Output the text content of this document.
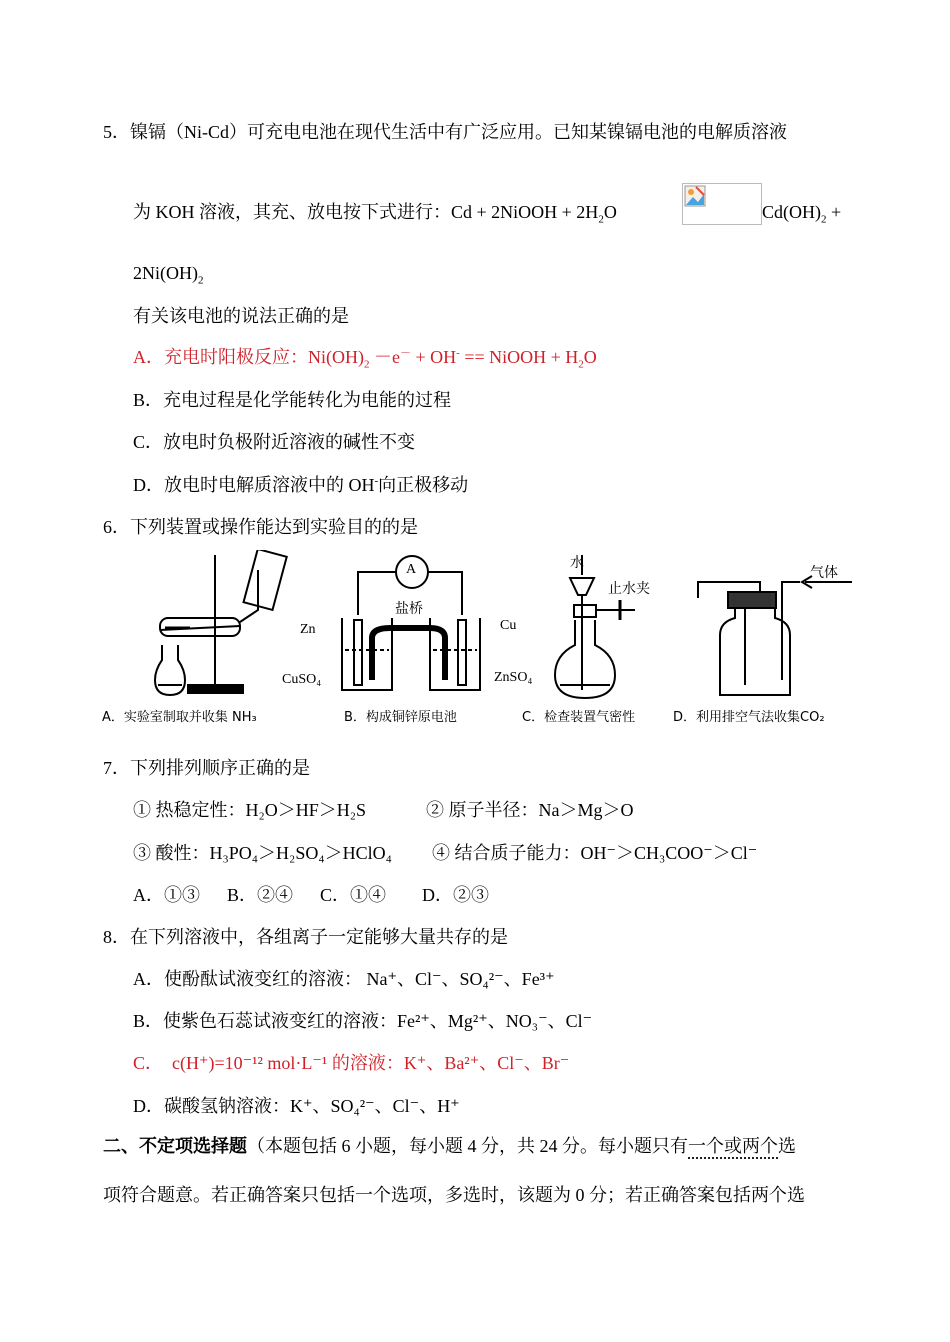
5．镍镉（Ni-Cd）可充电电池在现代生活中有广泛应用。已知某镍镉电池的电解质溶液
为 KOH 溶液，其充、放电按下式进行：Cd + 2NiOOH + $2H_2O$	$Cd(OH)_2$ +
$2Ni(OH)_2$
有关该电池的说法正确的是
A．充电时阳极反应：$Ni(OH)_2 -e^- + OH^-$ == NiOOH + $H_2O$
B．充电过程是化学能转化为电能的过程
C．放电时负极附近溶液的碱性不变
D．放电时电解质溶液中的 OH-向正极移动
6．下列装置或操作能达到实验目的的是
水
止水夹
气体
A
盐桥
Zn	Cu
CuSO₄	ZnSO₄
A．实验室制取并收集 NH₃	B．构成铜锌原电池	C．检查装置气密性	D．利用排空气法收集CO₂
7．下列排列顺序正确的是
① 热稳定性：H₂O＞HF＞H₂S	② 原子半径：Na＞Mg＞O
③ 酸性：H₃PO₄＞H₂SO₄＞HClO₄ ④ 结合质子能力：OH⁻＞CH₃COO⁻＞Cl⁻
A．①③      B．②④      C．①④        D．②③
8．在下列溶液中，各组离子一定能够大量共存的是
A．使酚酞试液变红的溶液： Na⁺、Cl⁻、SO₄²⁻、Fe³⁺
B．使紫色石蕊试液变红的溶液：Fe²⁺、Mg²⁺、NO₃⁻、Cl⁻
C．  c(H⁺)=10⁻¹² mol·L⁻¹ 的溶液：K⁺、Ba²⁺、Cl⁻、Br⁻
D．碳酸氢钠溶液：K⁺、SO₄²⁻、Cl⁻、H⁺
二、不定项选择题（本题包括 6 小题，每小题 4 分，共 24 分。每小题只有一个或两个选
项符合题意。若正确答案只包括一个选项，多选时，该题为 0 分；若正确答案包括两个选
